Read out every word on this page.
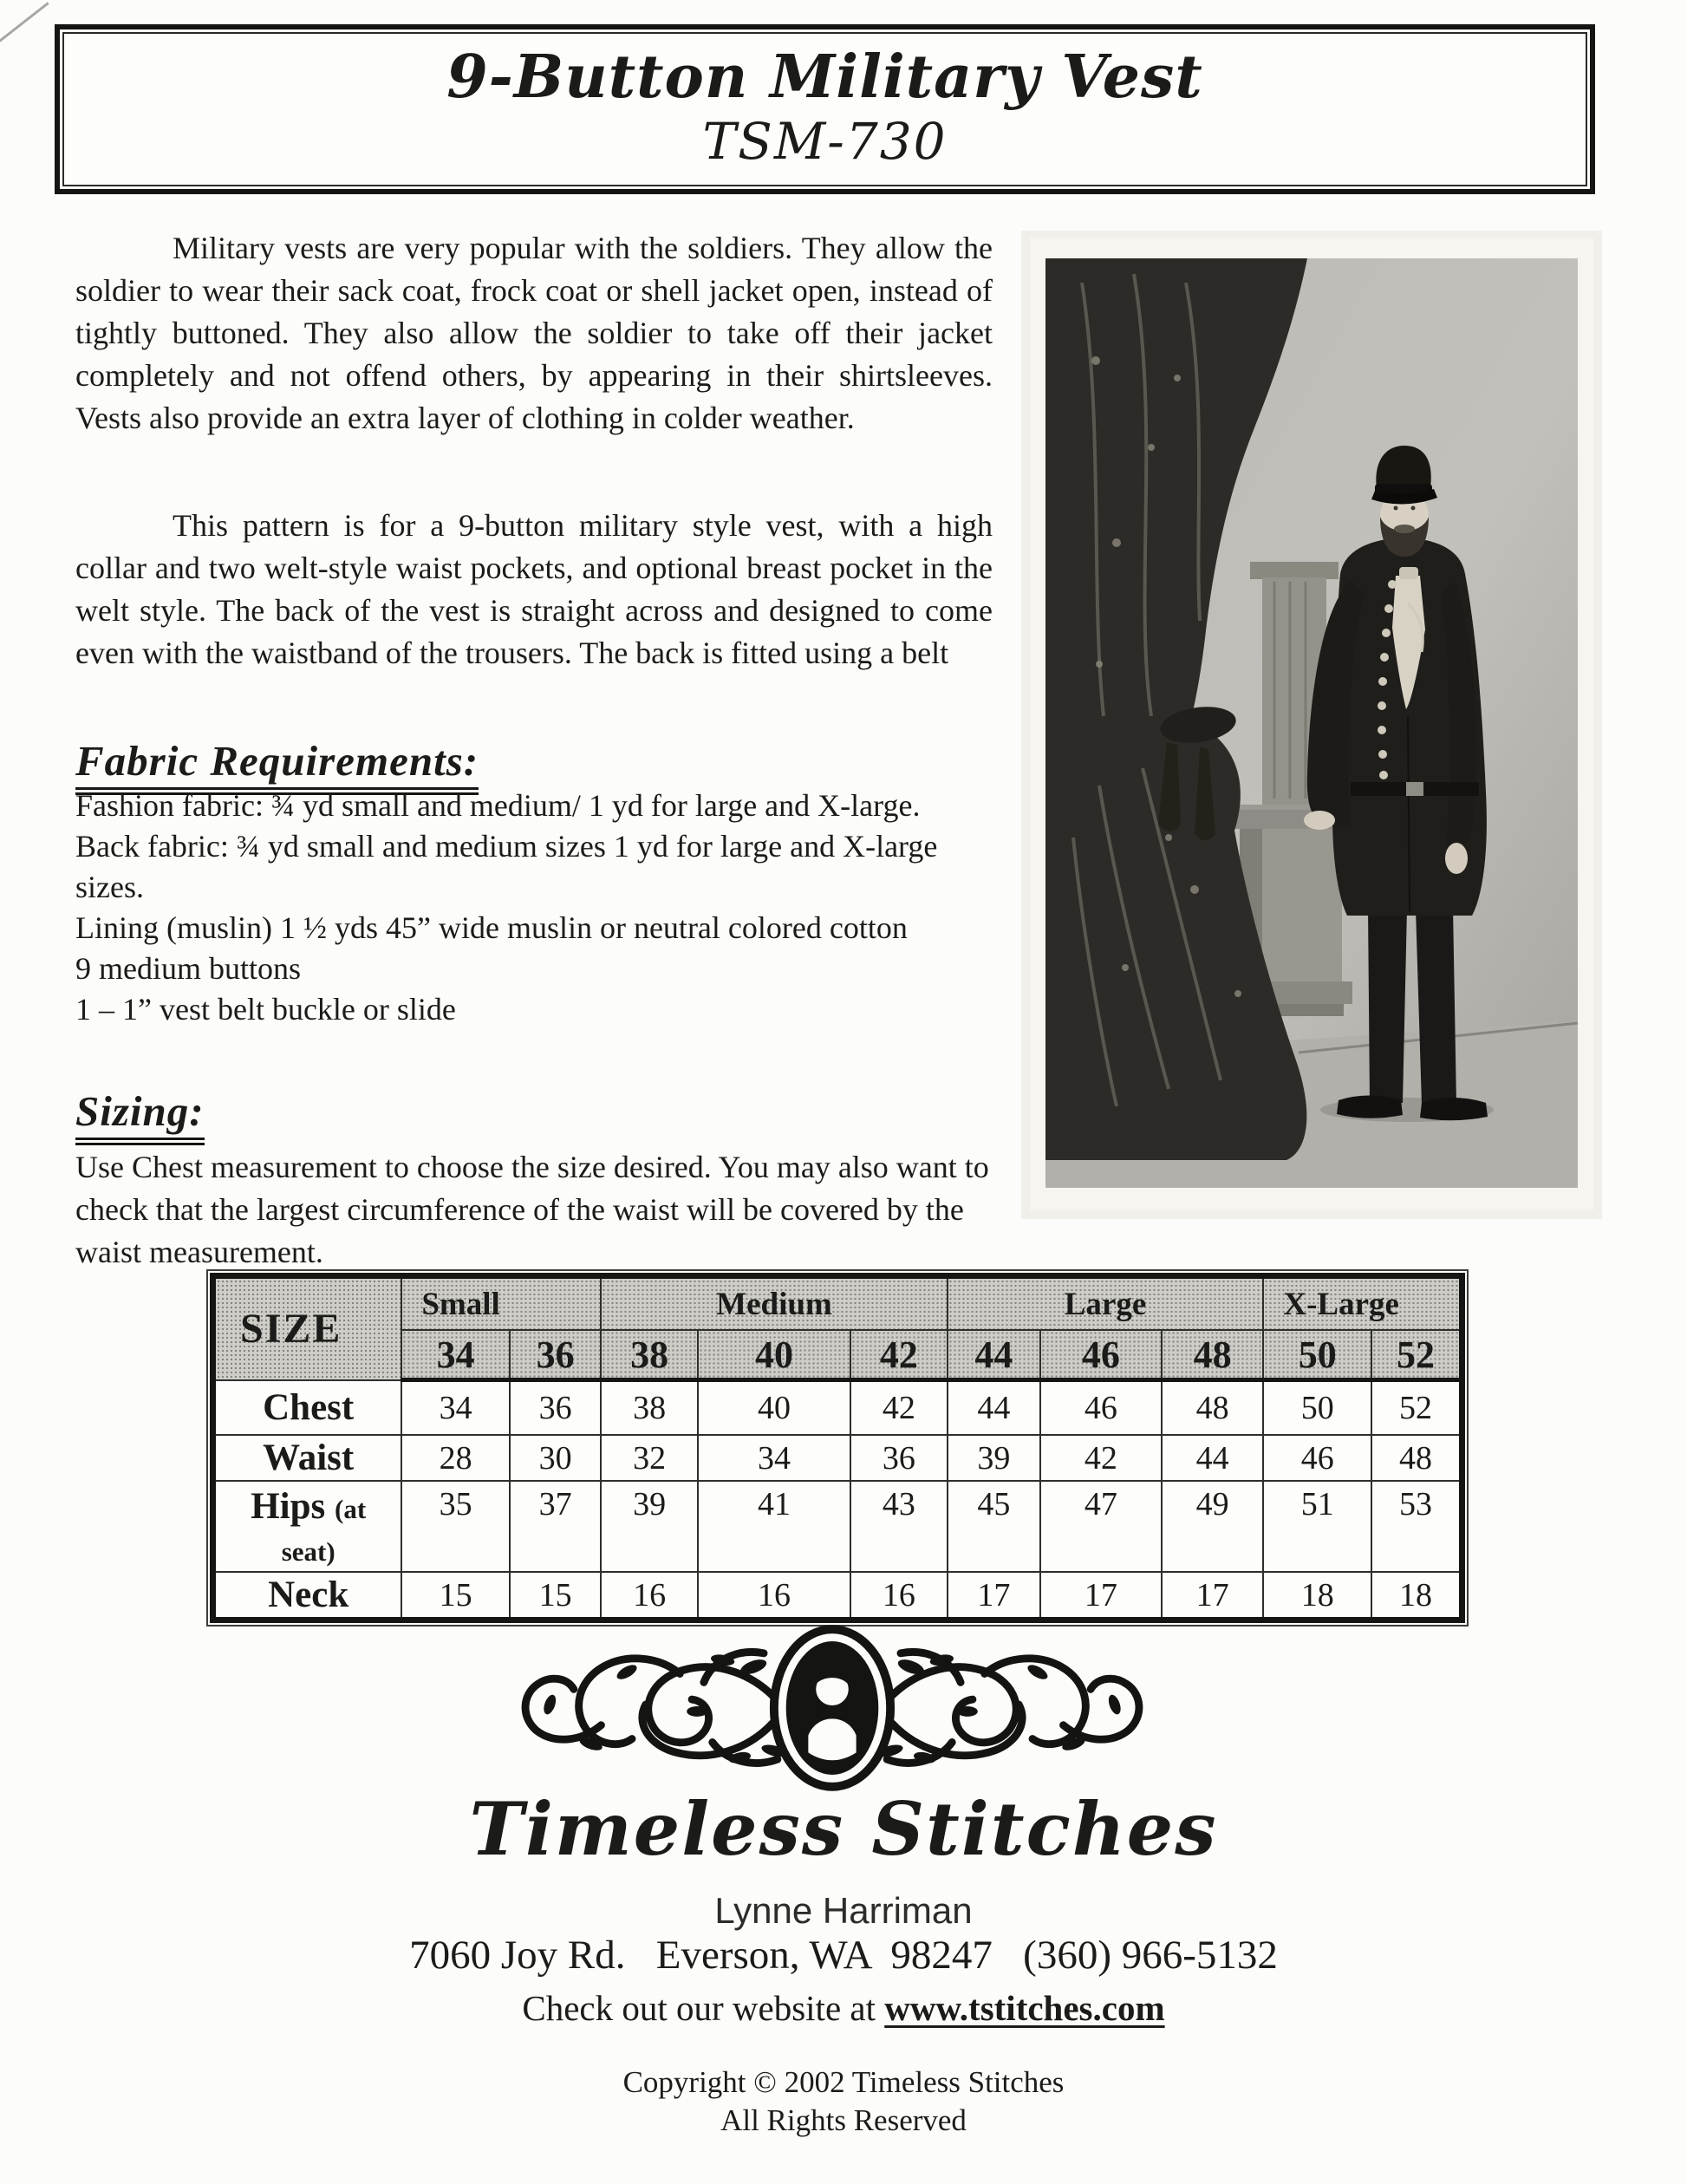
9-Button Military Vest
TSM-730

Military vests are very popular with the soldiers. They allow the soldier to wear their sack coat, frock coat or shell jacket open, instead of tightly buttoned. They also allow the soldier to take off their jacket completely and not offend others, by appearing in their shirtsleeves. Vests also provide an extra layer of clothing in colder weather.

This pattern is for a 9-button military style vest, with a high collar and two welt-style waist pockets, and optional breast pocket in the welt style. The back of the vest is straight across and designed to come even with the waistband of the trousers. The back is fitted using a belt

Fabric Requirements:

Fashion fabric: ¾ yd small and medium/ 1 yd for large and X-large.

Back fabric: ¾ yd small and medium sizes 1 yd for large and X-large sizes.

Lining (muslin) 1 ½ yds 45” wide muslin or neutral colored cotton

9 medium buttons

1 – 1” vest belt buckle or slide

Sizing:

Use Chest measurement to choose the size desired. You may also want to check that the largest circumference of the waist will be covered by the waist measurement.

SIZE	Small		Medium			Large			X-Large	
	34	36	38	40	42	44	46	48	50	52
Chest	34	36	38	40	42	44	46	48	50	52
Waist	28	30	32	34	36	39	42	44	46	48
Hips (at
seat)	35	37	39	41	43	45	47	49	51	53
Neck	15	15	16	16	16	17	17	17	18	18
Timeless Stitches
Lynne Harriman
7060 Joy Rd.   Everson, WA  98247   (360) 966-5132
Check out our website at www.tstitches.com
Copyright © 2002 Timeless Stitches
All Rights Reserved
